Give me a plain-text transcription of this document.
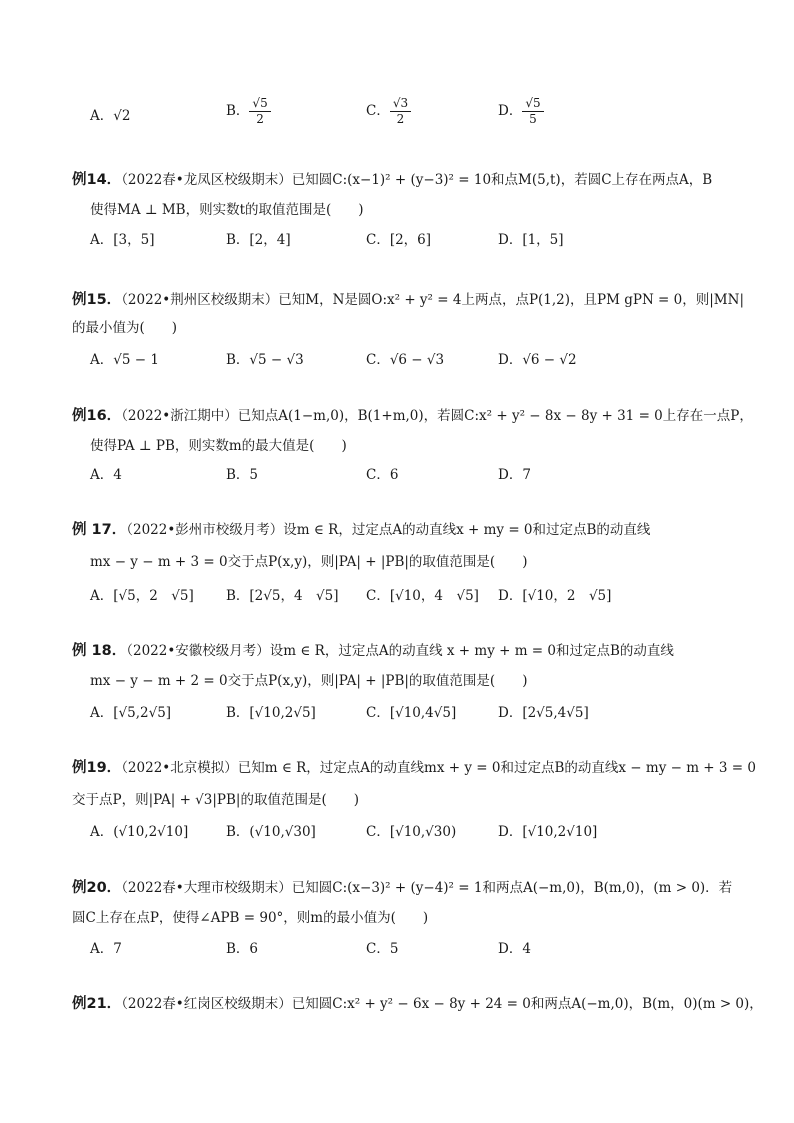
A．√2	B． $\frac{√5}{2}$	C． $\frac{√3}{2}$	D． $\frac{√5}{5}$
例14．（2022春•龙凤区校级期末）已知圆C:(x−1)² + (y−3)² = 10和点M(5,t)，若圆C上存在两点A，B
使得MA ⊥ MB，则实数t的取值范围是(　　)
A．[3，5]	B．[2，4]	C．[2，6]	D．[1，5]
例15．（2022•荆州区校级期末）已知M，N是圆O:x² + y² = 4上两点，点P(1,2)，且PM gPN = 0，则|MN|
的最小值为(　　)
A．√5 − 1	B．√5 − √3	C．√6 − √3	D．√6 − √2
例16．（2022•浙江期中）已知点A(1−m,0)，B(1+m,0)，若圆C:x² + y² − 8x − 8y + 31 = 0上存在一点P，
使得PA ⊥ PB，则实数m的最大值是(　　)
A．4	B．5	C．6	D．7
例 17．（2022•彭州市校级月考）设m ∈ R，过定点A的动直线x + my = 0和过定点B的动直线
mx − y − m + 3 = 0交于点P(x,y)，则|PA| + |PB|的取值范围是(　　)
A．[√5，2　√5] B．[2√5，4　√5] C．[√10，4　√5] D．[√10，2　√5]
例 18．（2022•安徽校级月考）设m ∈ R，过定点A的动直线 x + my + m = 0和过定点B的动直线
mx − y − m + 2 = 0交于点P(x,y)，则|PA| + |PB|的取值范围是(　　)
A．[√5,2√5]	B．[√10,2√5]	C．[√10,4√5]	D．[2√5,4√5]
例19．（2022•北京模拟）已知m ∈ R，过定点A的动直线mx + y = 0和过定点B的动直线x − my − m + 3 = 0
交于点P，则|PA| + √3|PB|的取值范围是(　　)
A．(√10,2√10]	B．(√10,√30]	C．[√10,√30)	D．[√10,2√10]
例20．（2022春•大理市校级期末）已知圆C:(x−3)² + (y−4)² = 1和两点A(−m,0)，B(m,0)，(m > 0)．若
圆C上存在点P，使得∠APB = 90°，则m的最小值为(　　)
A．7	B．6	C．5	D．4
例21．（2022春•红岗区校级期末）已知圆C:x² + y² − 6x − 8y + 24 = 0和两点A(−m,0)，B(m，0)(m > 0)，
